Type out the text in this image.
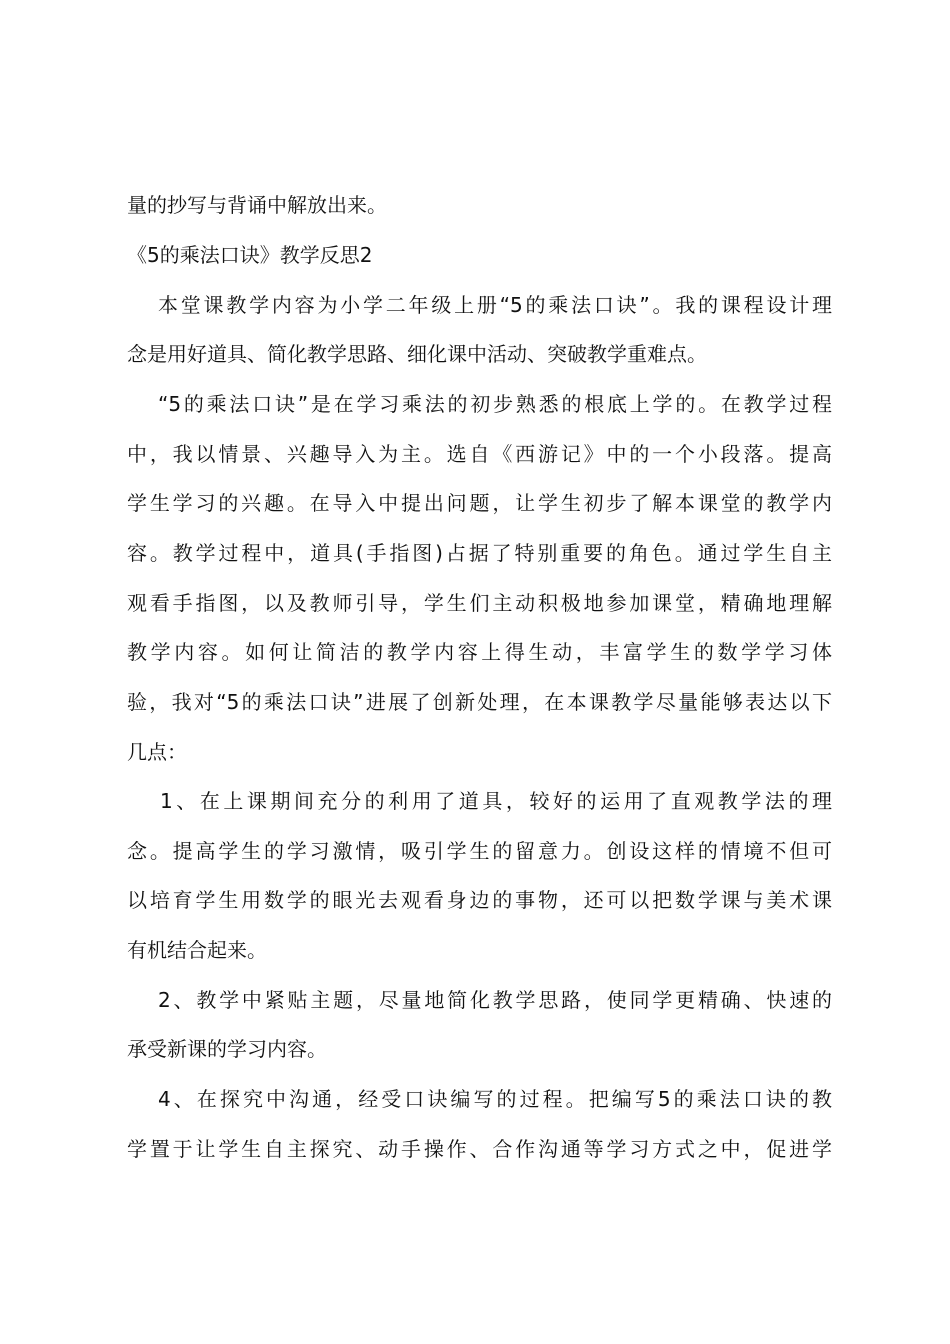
量的抄写与背诵中解放出来。
《5的乘法口诀》教学反思2
本堂课教学内容为小学二年级上册“5的乘法口诀”。我的课程设计理
念是用好道具、简化教学思路、细化课中活动、突破教学重难点。
“5的乘法口诀”是在学习乘法的初步熟悉的根底上学的。在教学过程
中，我以情景、兴趣导入为主。选自《西游记》中的一个小段落。提高
学生学习的兴趣。在导入中提出问题，让学生初步了解本课堂的教学内
容。教学过程中，道具(手指图)占据了特别重要的角色。通过学生自主
观看手指图，以及教师引导，学生们主动积极地参加课堂，精确地理解
教学内容。如何让简洁的教学内容上得生动，丰富学生的数学学习体
验，我对“5的乘法口诀”进展了创新处理，在本课教学尽量能够表达以下
几点：
1、在上课期间充分的利用了道具，较好的运用了直观教学法的理
念。提高学生的学习激情，吸引学生的留意力。创设这样的情境不但可
以培育学生用数学的眼光去观看身边的事物，还可以把数学课与美术课
有机结合起来。
2、教学中紧贴主题，尽量地简化教学思路，使同学更精确、快速的
承受新课的学习内容。
4、在探究中沟通，经受口诀编写的过程。把编写5的乘法口诀的教
学置于让学生自主探究、动手操作、合作沟通等学习方式之中，促进学
